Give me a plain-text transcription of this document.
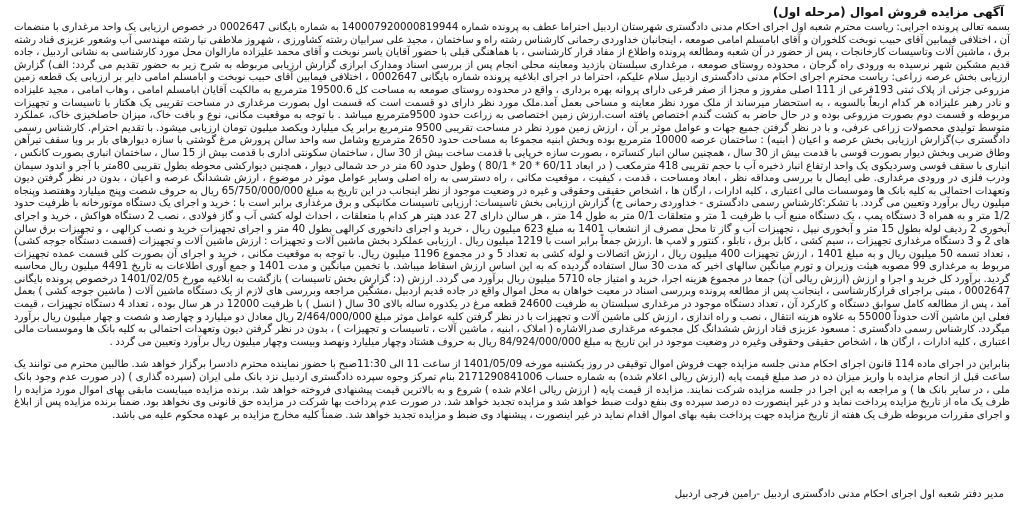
آگهی مزایده فروش اموال (مرحله اول)

بسمه تعالی پرونده اجرایی: ریاست محترم شعبه اول اجرای احکام مدنی دادگستری شهرستان اردبیل احتراما عطف به پرونده شماره 140007920000819944 به شماره بایگانی 0002647 در خصوص ارزیابی یک واحد مرغداری با منضمات آن ، اختلافی فیمابین آقای حبیب نوبخت کلخوران و آقای ابامسلم امامی صومعه ، اینجانبان خداوردی رحمانی کارشناس رشته راه و ساختمان ، مجید علی سرابیان رشته کشاورزی ، شهروز ملاطفی نیا رشته مهندسی آب وشعور عزیزی قناد رشته برق ، ماشین آلات وتاسیسات کارخانجات ، پس از حضور در آن شعبه ومطالعه پرونده واطلاع از مفاد قرار کارشناسی ، با هماهنگی قبلی با حضور آقایان یاسر نوبخت و آقای محمد علیزاده مارالوان محل مورد کارشناسی به نشانی اردبیل ، جاده قدیم مشکین شهر نرسیده به ورودی راه گرجان ، محدوده روستای صومعه ، مرغداری سبلستان بازدید ومعاینه محلی انجام پس از بررسی اسناد ومدارک ابرازی گزارش ارزیابی مربوطه به شرح زیر به حضور تقدیم می گردد: الف) گزارش ارزیابی بخش عرصه زراعی: ریاست محترم اجرای احکام مدنی دادگستری اردبیل سلام علیکم، احتراما در اجرای ابلاغیه پرونده شماره بایگانی 0002647 ، اختلافی فیمابین آقای حبیب نوبخت و ابامسلم امامی دایر بر ارزیابی یک قطعه زمین مزروعی جزئی از پلاک ثبتی 193فرعی از 111 اصلی مفروز و مجزا از صفر فرعی دارای پروانه بهره برداری ، واقع در محدوده روستای صومعه به مساحت کل 19500.6 مترمربع به مالکیت آقایان ابامسلم امامی ، وهاب امامی ، مجید علیزاده و نادر رهبر علیزاده هر کدام اربعاً بالسویه ، به استحضار میرساند از ملک مورد نظر معاینه و مساحی بعمل آمد.ملک مورد نظر دارای دو قسمت است که قسمت اول بصورت مرغداری در مساحت تقریبی یک هکتار با تاسیسات و تجهیزات مربوطه و قسمت دوم بصورت مزروعی بوده و در حال حاضر به کشت گندم اختصاص یافته است.ارزش زمین اختصاصی به زراعت حدود 9500مترمربع میباشد . با توجه به موقعیت مکانی، نوع و بافت خاک، میزان حاصلخیزی خاک، عملکرد متوسط تولیدی محصولات زراعی عرفی، و با در نظر گرفتن جمیع جهات و عوامل موثر بر آن ، ارزش زمین مورد نظر در مساحت تقریبی 9500 مترمربع برابر یک میلیارد ویکصد میلیون تومان ارزیابی میشود. با تقدیم احترام. کارشناس رسمی دادگستری ب)گزارش ارزیابی بخش عرصه و اعیان ( ابنیه) : ساختمان عرصه 10000 مترمربع بوده وبخش ابنیه مجموعا به مساحت حدود 2650 مترمربع وشامل سه واحد سالن پرورش مرغ گوشتی با سازه دیوارهای بار بر وبا سقف تیرآهن وطاق ضربی وبخش دیوار بصورت قوسی با قدمت بیش از 30 سال ، همچنین سالن انبار کنساتره ، بصورت سازه خرپایی با قدمت ساخت بیش از 30 سال ، ساختمان سکونتی اداری با قدمت بیش از 15 سال ، ساختمان انباری بصورت کانکس ، انباری با سقف قوسی وسردیکوی یک واحد ارتفاع انبار ذخیره آب با حجم تقریبی 418 مترمکعب ( در ابعاد 60/11 * 20 * 80/1 ) وطول حدود 60 متر در حد شمالی دیوار ، همچنین دیوارکشی محوطه بطول تقریبی 80متر با آجر و اندود سیمان ودرب فلزی در ورودی مرغداری. طی ایصال با بررسی ومداقه نظر ، ابعاد ومساحت ، قدمت ، کیفیت ، موقعیت مکانی ، راه دسترسی به راه اصلی وسایر عوامل موثر در موضوع ، ارزش ششدانگ عرصه و اعیان ، بدون در نظر گرفتن دیون وتعهدات احتمالی به کلیه بانک ها وموسسات مالی اعتباری ، کلیه ادارات ، ارگان ها ، اشخاص حقیقی وحقوقی و غیره در وضعیت موجود از نظر اینجانب در این تاریخ به مبلغ 65/750/000/000 ریال به حروف شصت وپنج میلیارد وهفتصد وپنجاه میلیون ریال برآورد وتعیین می گردد. با تشکر:کارشناس رسمی دادگستری - خداوردی رحمانی ج) گزارش ارزیابی بخش تاسیسات: ارزیابی تاسیسات مکانیکی و برق مرغداری برابر است با : خرید و اجرای یک دستگاه موتورخانه با ظرفیت حدود 1/2 متر و به همراه 3 دستگاه پمپ ، یک دستگاه منبع آب با ظرفیت 1 متر و متعلقات 0/1 متر به طول 14 متر ، هر سالن دارای 27 عدد هیتر هر کدام با متعلقات ، احداث لوله کشی آب و گاز فولادی ، نصب 2 دستگاه هواکش ، خرید و اجرای آبخوری 2 ردیف لوله بطول 15 متر و آبخوری نیپل ، تجهیزات آب و گاز تا محل مصرف از انشعاب 1401 به مبلغ 623 میلیون ریال ، خرید و اجرای دانخوری کرالهی بطول 40 متر و اجرای تجهیزات خرید و نصب کرالهی ، و تجهیزات برق سالن های 2 و 3 دستگاه مرغداری تجهیزات ،، سیم کشی ، کابل برق ، تابلو ، کنتور و لامپ ها .ارزش جمعاً برابر است با 1219 میلیون ریال . ارزیابی عملکرد بخش ماشین آلات و تجهیزات : ارزش ماشین آلات و تجهیزات (قسمت دستگاه جوجه کشی) ، تعداد تسمه 50 میلیون ریال و به مبلغ 1401 ، ارزش تجهیزات 400 میلیون ریال ، ارزش اتصالات و لوله کشی به تعداد 5 و در مجموع 1196 میلیون ریال. با توجه به موقعیت مکانی ، خرید و اجرای آن بصورت کلی قسمت عمده تجهیزات مربوط به مرغداری 99 مصوبه هیئت وزیران و تورم میانگین سالهای اخیر که مدت 30 سال استفاده گردیده که به این اساس ارزش اسقاط میباشد. با تخمین میانگین و مدت 1401 و جمع آوری اطلاعات به تاریخ 4491 میلیون ریال محاسبه گردید. برآورد کل خرید و اجرا و ارزش (ارزش ریالی آن) جمعا در مجموع هزینه اجرا، خرید و امتیاز جاه 5710 میلیون ریال برآورد می گردد. ارزش (د: گزارش بخش تاسیسات ) بازگشت به ابلاغیه مورخ 1401/02/05 درخصوص پرونده بایگانی 0002647 ، مبنی براجرای قرارکارشناسی ، اینجانب پس از مطالعه پرونده وبررسی اسناد در معیت خواهان به محل اموال واقع در جاده قدیم اردبیل ،مشگین مراجعه وبررسی های لازم از یک دستگاه ماشین آلات ( ماشین جوجه کشی ) بعمل آمد ، پس از مطالعه کامل سوابق دستگاه و کارکرد آن ، تعداد دستگاه موجود در مرغداری سبلستان به ظرفیت 24600 قطعه مرغ در یکدوره ساله بالای 30 سال ( انسل ) با ظرفیت 12000 در هر سال بوده ، تعداد 4 دستگاه تجهیزات ، قیمت فعلی این ماشین آلات حدوداً 55000 به علاوه هزینه انتقال ، نصب و راه اندازی ، ارزش کلی ماشین آلات و تجهیزات با در نظر گرفتن کلیه عوامل موثر مبلغ 2/464/000/000 ریال معادل دو میلیارد و چهارصد و شصت و چهار میلیون ریال برآورد میگردد. کارشناس رسمی دادگستری : مسعود عزیزی قناد ارزش ششدانگ کل مجموعه مرغداری صدرالاشاره ( املاک ، ابنیه ، ماشین آلات ، تاسیسات و تجهیزات ) ، بدون در نظر گرفتن دیون وتعهدات احتمالی به کلیه بانک ها وموسسات مالی اعتباری ، کلیه ادارات ، ارگان ها ، اشخاص حقیقی وحقوقی وغیره در وضعیت موجود در این تاریخ به مبلغ 84/924/000/000 ریال به حروف هشتاد وچهار میلیارد ونهصد وبیست وچهار میلیون ریال برآورد وتعیین می گردد .

بنابراین در اجرای ماده 114 قانون اجرای احکام مدنی جلسه مزایده جهت فروش اموال توقیفی در روز یکشنبه مورخه 1401/05/09 از ساعت 11 الی 11:30صبح با حضور نماینده محترم دادسرا برگزار خواهد شد. طالبین محترم می توانند یک ساعت قبل از انجام مزایده با واریز میزان ده در صد مبلغ قیمت پایه (ارزش ریالی اعلام شده) به شماره حساب 2171290841006 بنام تمرکز وجوه سپرده دادگستری اردبیل نزد بانک ملی ایران (سپرده گذاری ) (در صورت عدم وجود بانک ملی ، در سایر بانک ها ) و مراجعه به این اجرا در جلسه مزایده شرکت نمایند. مزایده از قیمت پایه ( ارزش ریالی اعلام شده ) شروع و به بالاترین قیمت پیشنهادی فروخته خواهد شد. برنده مزایده میبایست مابقی بهای اموال مورد مزایده را ظرف یک ماه از تاریخ مزایده پرداخت نماید و در غیر اینصورت ده درصد سپرده وی بنفع دولت ضبط خواهد شد و مزایده تجدید خواهد شد. در صورت عدم پرداخت بها شرکت در مزایده حق قانونی وی نخواهد بود. ضمناً برنده مزایده پس از ابلاغ و اجرای مقررات مربوطه ظرف یک هفته از تاریخ مزایده جهت پرداخت بقیه بهای اموال اقدام نماید در غیر اینصورت ، پیشنهاد وی ضبط و مزایده تجدید خواهد شد. ضمناً کلیه مخارج مزایده بر عهده محکوم علیه می باشد.

مدیر دفتر شعبه اول اجرای احکام مدنی دادگستری اردبیل -رامین فرجی اردبیل
